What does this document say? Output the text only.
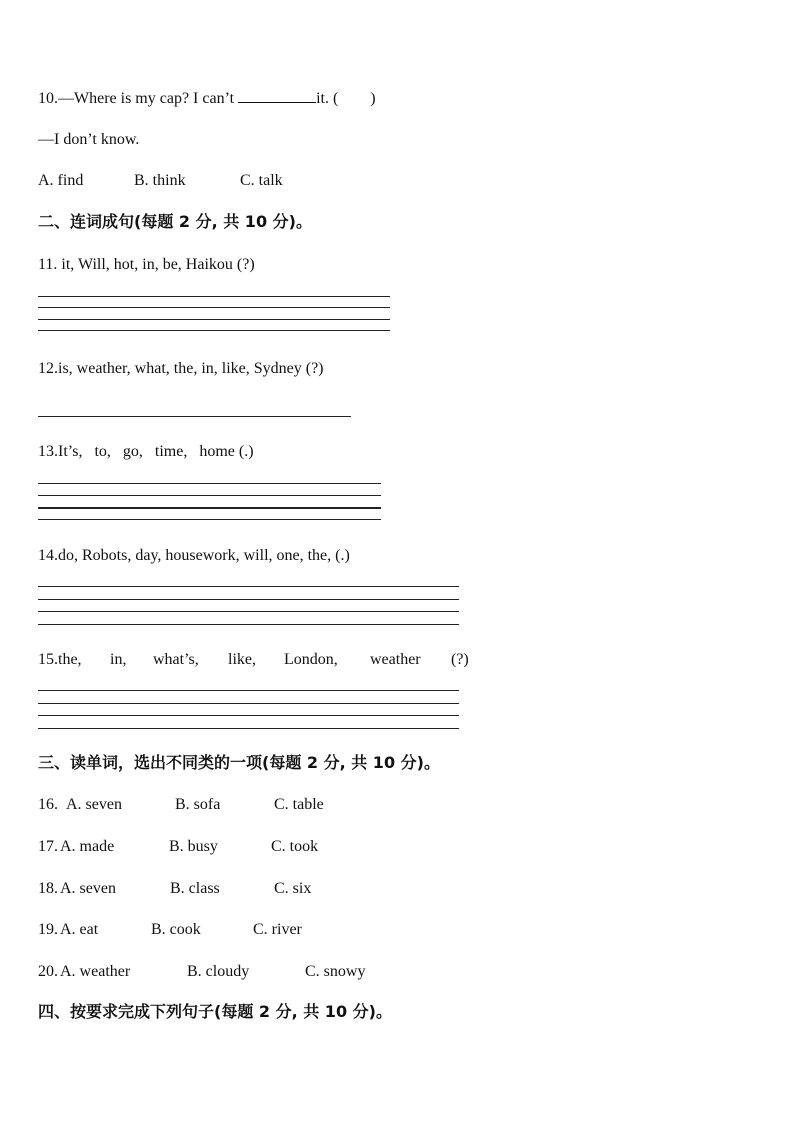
10.—Where is my cap? I can’t	it. (        )
—I don’t know.
A. find	B. think	C. talk
二、连词成句(每题 2 分, 共 10 分)。
11. it, Will, hot, in, be, Haikou (?)
12.is, weather, what, the, in, like, Sydney (?)
13.It’s,   to,   go,   time,   home (.)
14.do, Robots, day, housework, will, one, the, (.)
15.the, in, what’s, like, London, weather (?)
三、读单词，选出不同类的一项(每题 2 分, 共 10 分)。
16. A. seven	B. sofa	C. table
17. A. made	B. busy	C. took
18. A. seven	B. class	C. six
19. A. eat	B. cook	C. river
20. A. weather	B. cloudy	C. snowy
四、按要求完成下列句子(每题 2 分, 共 10 分)。
